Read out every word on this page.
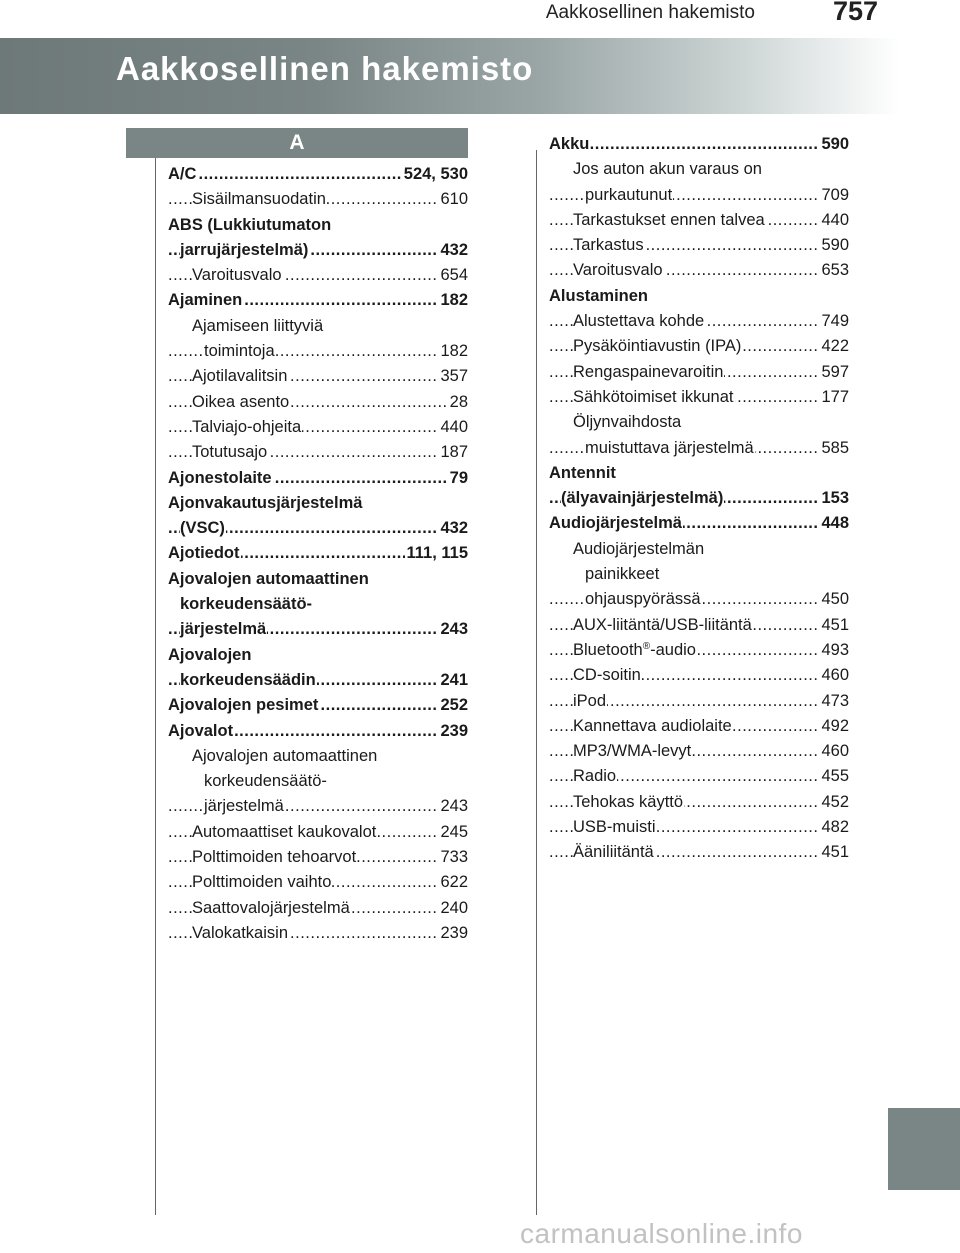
Aakkosellinen hakemisto	757
Aakkosellinen hakemisto
A
..... A/C	524, 530
..... Sisäilmansuodatin	610
ABS (Lukkiutumaton
..... jarrujärjestelmä)	432
..... Varoitusvalo	654
..... Ajaminen	182
Ajamiseen liittyviä
..... toimintoja	182
..... Ajotilavalitsin	357
..... Oikea asento	28
..... Talviajo-ohjeita	440
..... Totutusajo	187
..... Ajonestolaite	79
Ajonvakautusjärjestelmä
..... (VSC)	432
..... Ajotiedot	111, 115
Ajovalojen automaattinen
korkeudensäätö-
..... järjestelmä	243
Ajovalojen
..... korkeudensäädin	241
..... Ajovalojen pesimet	252
..... Ajovalot	239
Ajovalojen automaattinen
korkeudensäätö-
..... järjestelmä	243
..... Automaattiset kaukovalot	245
..... Polttimoiden tehoarvot	733
..... Polttimoiden vaihto	622
..... Saattovalojärjestelmä	240
..... Valokatkaisin	239
..... Akku	590
Jos auton akun varaus on
..... purkautunut	709
..... Tarkastukset ennen talvea	440
..... Tarkastus	590
..... Varoitusvalo	653
Alustaminen
..... Alustettava kohde	749
..... Pysäköintiavustin (IPA)	422
..... Rengaspainevaroitin	597
..... Sähkötoimiset ikkunat	177
Öljynvaihdosta
..... muistuttava järjestelmä	585
Antennit
..... (älyavainjärjestelmä)	153
..... Audiojärjestelmä	448
Audiojärjestelmän
painikkeet
..... ohjauspyörässä	450
..... AUX-liitäntä/USB-liitäntä	451
..... Bluetooth®-audio	493
..... CD-soitin	460
..... iPod	473
..... Kannettava audiolaite	492
..... MP3/WMA-levyt	460
..... Radio	455
..... Tehokas käyttö	452
..... USB-muisti	482
..... Ääniliitäntä	451
carmanualsonline.info
